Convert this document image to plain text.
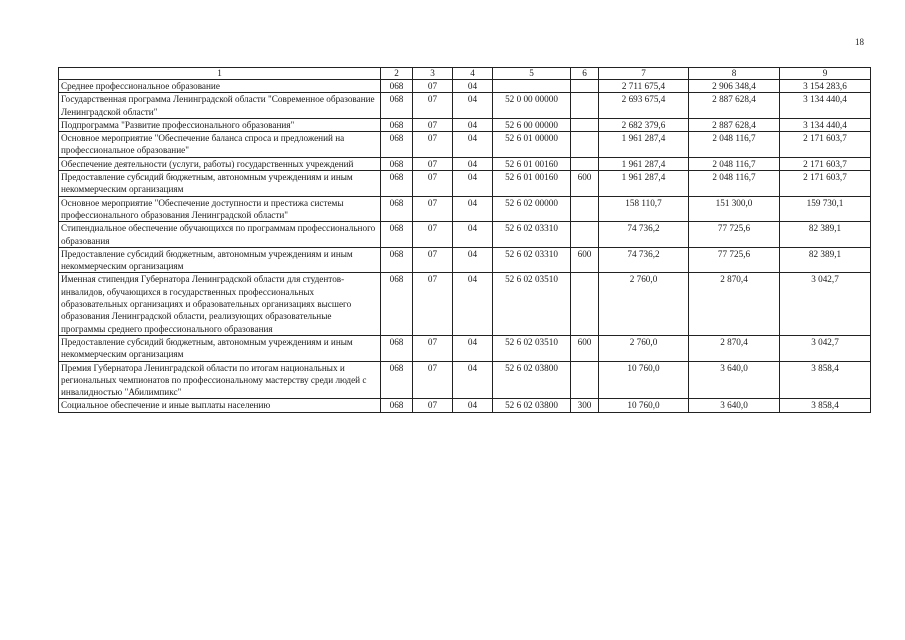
18
1	2	3	4	5	6	7	8	9
Среднее профессиональное образование	068	07	04			2 711 675,4	2 906 348,4	3 154 283,6
Государственная программа Ленинградской области "Современное образование Ленинградской области"	068	07	04	52 0 00 00000		2 693 675,4	2 887 628,4	3 134 440,4
Подпрограмма "Развитие профессионального образования"	068	07	04	52 6 00 00000		2 682 379,6	2 887 628,4	3 134 440,4
Основное мероприятие "Обеспечение баланса спроса и предложений на профессиональное образование"	068	07	04	52 6 01 00000		1 961 287,4	2 048 116,7	2 171 603,7
Обеспечение деятельности (услуги, работы) государственных учреждений	068	07	04	52 6 01 00160		1 961 287,4	2 048 116,7	2 171 603,7
Предоставление субсидий бюджетным, автономным учреждениям и иным некоммерческим организациям	068	07	04	52 6 01 00160	600	1 961 287,4	2 048 116,7	2 171 603,7
Основное мероприятие "Обеспечение доступности и престижа системы профессионального образования Ленинградской области"	068	07	04	52 6 02 00000		158 110,7	151 300,0	159 730,1
Стипендиальное обеспечение обучающихся по программам профессионального образования	068	07	04	52 6 02 03310		74 736,2	77 725,6	82 389,1
Предоставление субсидий бюджетным, автономным учреждениям и иным некоммерческим организациям	068	07	04	52 6 02 03310	600	74 736,2	77 725,6	82 389,1
Именная стипендия Губернатора Ленинградской области для студентов-инвалидов, обучающихся в государственных профессиональных образовательных организациях и образовательных организациях высшего образования Ленинградской области, реализующих образовательные программы среднего профессионального образования	068	07	04	52 6 02 03510		2 760,0	2 870,4	3 042,7
Предоставление субсидий бюджетным, автономным учреждениям и иным некоммерческим организациям	068	07	04	52 6 02 03510	600	2 760,0	2 870,4	3 042,7
Премия Губернатора Ленинградской области по итогам национальных и региональных чемпионатов по профессиональному мастерству среди людей с инвалидностью "Абилимпикс"	068	07	04	52 6 02 03800		10 760,0	3 640,0	3 858,4
Социальное обеспечение и иные выплаты населению	068	07	04	52 6 02 03800	300	10 760,0	3 640,0	3 858,4
